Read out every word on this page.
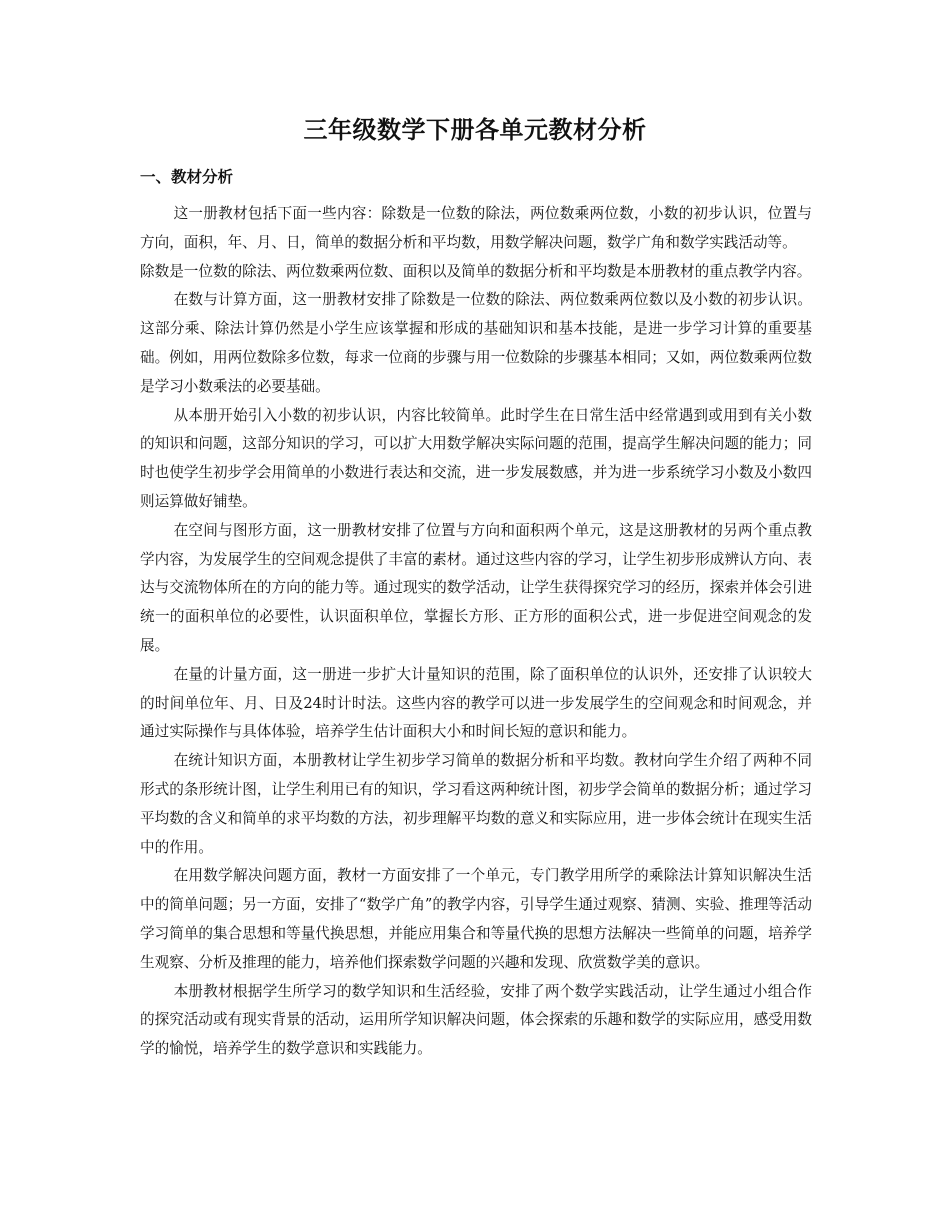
三年级数学下册各单元教材分析
一、教材分析

这一册教材包括下面一些内容：除数是一位数的除法，两位数乘两位数，小数的初步认识，位置与方向，面积，年、月、日，简单的数据分析和平均数，用数学解决问题，数学广角和数学实践活动等。

除数是一位数的除法、两位数乘两位数、面积以及简单的数据分析和平均数是本册教材的重点教学内容。

在数与计算方面，这一册教材安排了除数是一位数的除法、两位数乘两位数以及小数的初步认识。这部分乘、除法计算仍然是小学生应该掌握和形成的基础知识和基本技能，是进一步学习计算的重要基础。例如，用两位数除多位数，每求一位商的步骤与用一位数除的步骤基本相同；又如，两位数乘两位数是学习小数乘法的必要基础。

从本册开始引入小数的初步认识，内容比较简单。此时学生在日常生活中经常遇到或用到有关小数的知识和问题，这部分知识的学习，可以扩大用数学解决实际问题的范围，提高学生解决问题的能力；同时也使学生初步学会用简单的小数进行表达和交流，进一步发展数感，并为进一步系统学习小数及小数四则运算做好铺垫。

在空间与图形方面，这一册教材安排了位置与方向和面积两个单元，这是这册教材的另两个重点教学内容，为发展学生的空间观念提供了丰富的素材。通过这些内容的学习，让学生初步形成辨认方向、表达与交流物体所在的方向的能力等。通过现实的数学活动，让学生获得探究学习的经历，探索并体会引进统一的面积单位的必要性，认识面积单位，掌握长方形、正方形的面积公式，进一步促进空间观念的发展。

在量的计量方面，这一册进一步扩大计量知识的范围，除了面积单位的认识外，还安排了认识较大的时间单位年、月、日及24时计时法。这些内容的教学可以进一步发展学生的空间观念和时间观念，并通过实际操作与具体体验，培养学生估计面积大小和时间长短的意识和能力。

在统计知识方面，本册教材让学生初步学习简单的数据分析和平均数。教材向学生介绍了两种不同形式的条形统计图，让学生利用已有的知识，学习看这两种统计图，初步学会简单的数据分析；通过学习平均数的含义和简单的求平均数的方法，初步理解平均数的意义和实际应用，进一步体会统计在现实生活中的作用。

在用数学解决问题方面，教材一方面安排了一个单元，专门教学用所学的乘除法计算知识解决生活中的简单问题；另一方面，安排了“数学广角”的教学内容，引导学生通过观察、猜测、实验、推理等活动学习简单的集合思想和等量代换思想，并能应用集合和等量代换的思想方法解决一些简单的问题，培养学生观察、分析及推理的能力，培养他们探索数学问题的兴趣和发现、欣赏数学美的意识。

本册教材根据学生所学习的数学知识和生活经验，安排了两个数学实践活动，让学生通过小组合作的探究活动或有现实背景的活动，运用所学知识解决问题，体会探索的乐趣和数学的实际应用，感受用数学的愉悦，培养学生的数学意识和实践能力。
